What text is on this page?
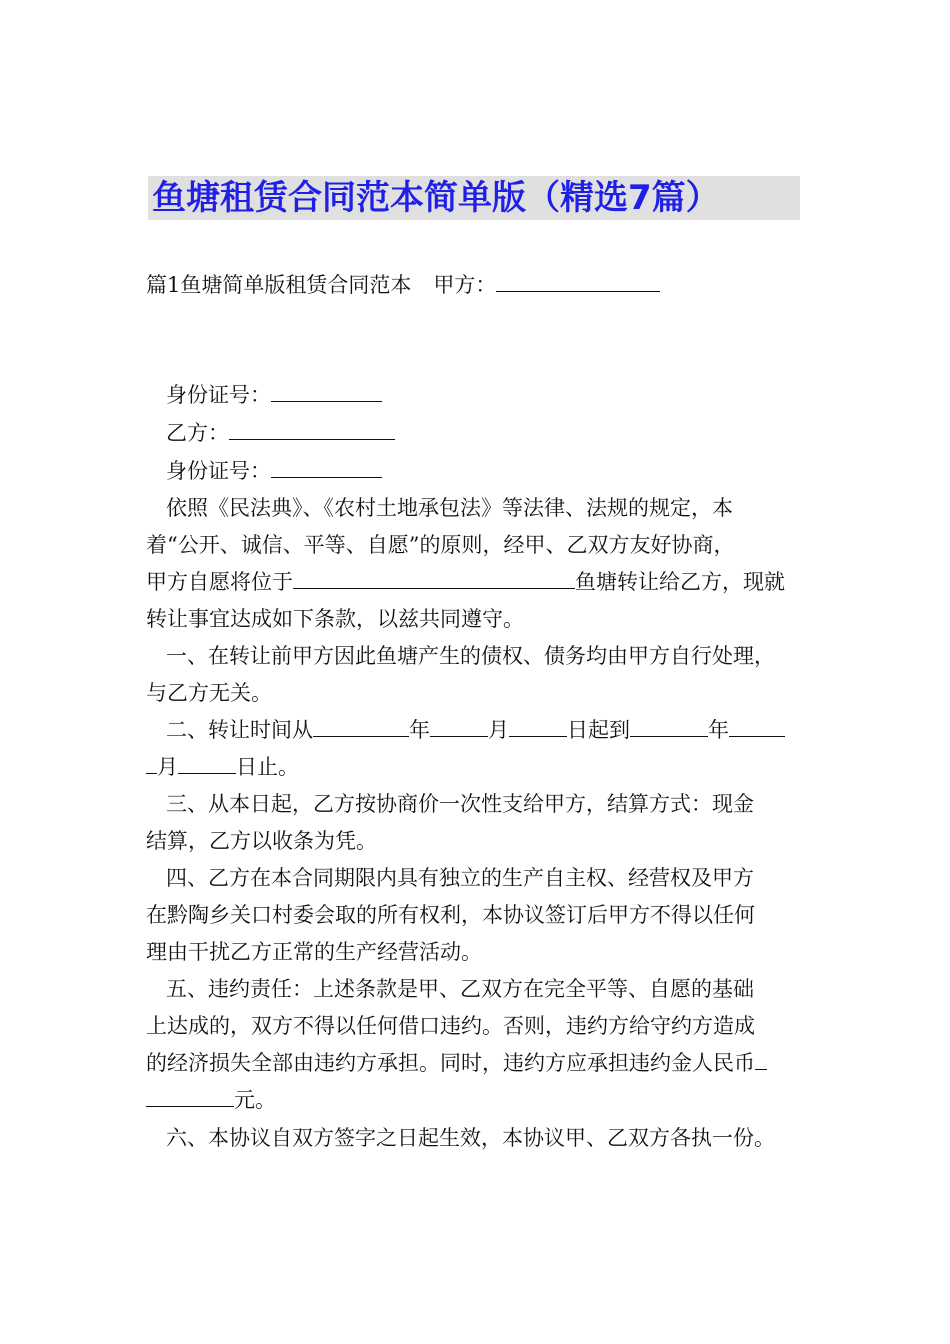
鱼塘租赁合同范本简单版（精选7篇）
篇1鱼塘简单版租赁合同范本 甲方：
身份证号：
乙方：
身份证号：
依照《民法典》、《农村土地承包法》等法律、法规的规定，本
着“公开、诚信、平等、自愿”的原则，经甲、乙双方友好协商，
甲方自愿将位于	鱼塘转让给乙方，现就
转让事宜达成如下条款，以兹共同遵守。
一、在转让前甲方因此鱼塘产生的债权、债务均由甲方自行处理，
与乙方无关。
二、转让时间从	年	月	日起到	年
月	日止。
三、从本日起，乙方按协商价一次性支给甲方，结算方式：现金
结算，乙方以收条为凭。
四、乙方在本合同期限内具有独立的生产自主权、经营权及甲方
在黔陶乡关口村委会取的所有权利，本协议签订后甲方不得以任何
理由干扰乙方正常的生产经营活动。
五、违约责任：上述条款是甲、乙双方在完全平等、自愿的基础
上达成的，双方不得以任何借口违约。否则，违约方给守约方造成
的经济损失全部由违约方承担。同时，违约方应承担违约金人民币
元。
六、本协议自双方签字之日起生效，本协议甲、乙双方各执一份。
